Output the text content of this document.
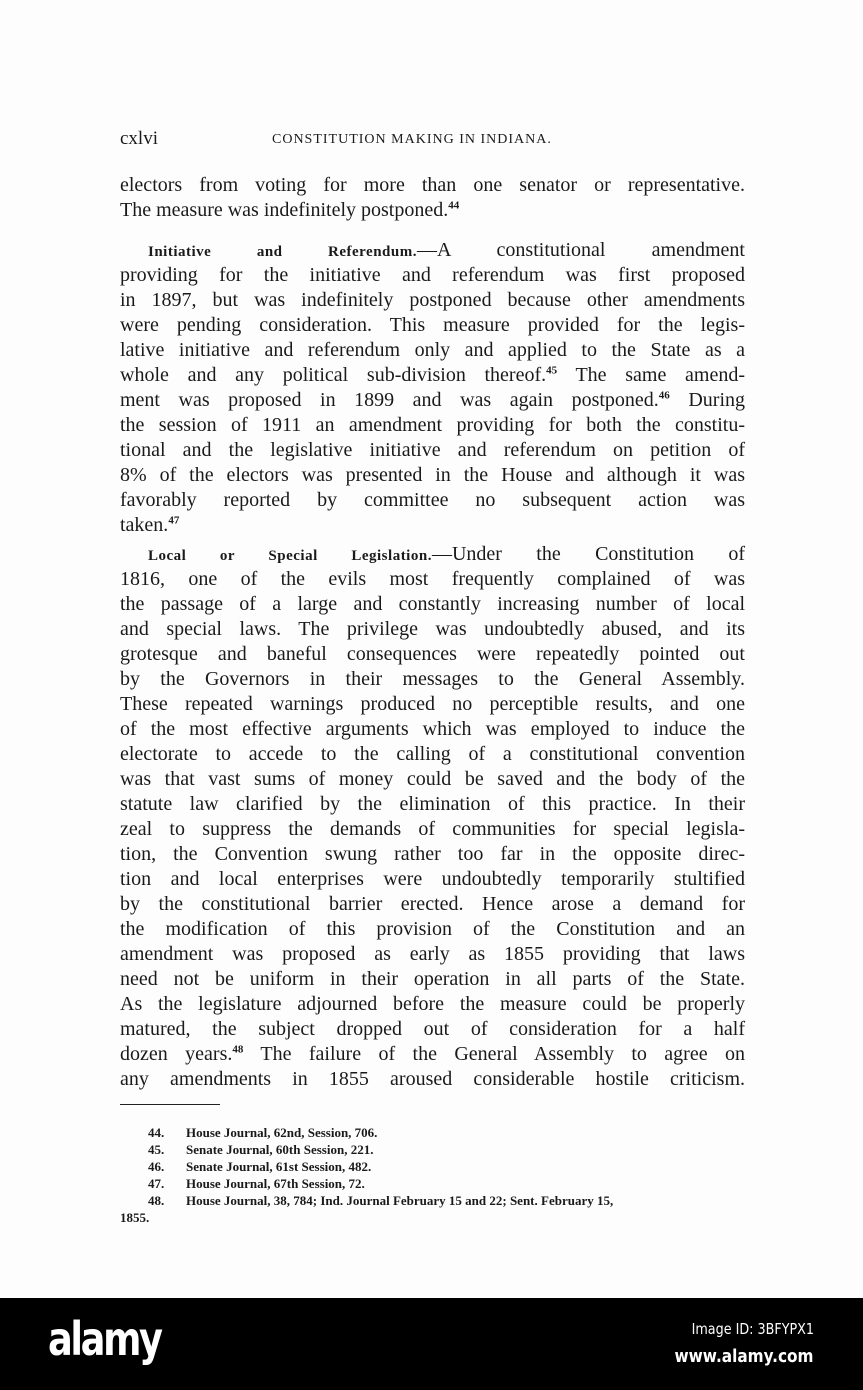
cxlvi	CONSTITUTION MAKING IN INDIANA.
electors from voting for more than one senator or representative.
The measure was indefinitely postponed.$^{44}$
Initiative and Referendum.—A constitutional amendment
providing for the initiative and referendum was first proposed
in 1897, but was indefinitely postponed because other amendments
were pending consideration. This measure provided for the legis-
lative initiative and referendum only and applied to the State as a
whole and any political sub-division thereof.$^{45}$ The same amend-
ment was proposed in 1899 and was again postponed.$^{46}$ During
the session of 1911 an amendment providing for both the constitu-
tional and the legislative initiative and referendum on petition of
8% of the electors was presented in the House and although it was
favorably reported by committee no subsequent action was
taken.$^{47}$
Local or Special Legislation.—Under the Constitution of
1816, one of the evils most frequently complained of was
the passage of a large and constantly increasing number of local
and special laws. The privilege was undoubtedly abused, and its
grotesque and baneful consequences were repeatedly pointed out
by the Governors in their messages to the General Assembly.
These repeated warnings produced no perceptible results, and one
of the most effective arguments which was employed to induce the
electorate to accede to the calling of a constitutional convention
was that vast sums of money could be saved and the body of the
statute law clarified by the elimination of this practice. In their
zeal to suppress the demands of communities for special legisla-
tion, the Convention swung rather too far in the opposite direc-
tion and local enterprises were undoubtedly temporarily stultified
by the constitutional barrier erected. Hence arose a demand for
the modification of this provision of the Constitution and an
amendment was proposed as early as 1855 providing that laws
need not be uniform in their operation in all parts of the State.
As the legislature adjourned before the measure could be properly
matured, the subject dropped out of consideration for a half
dozen years.$^{48}$ The failure of the General Assembly to agree on
any amendments in 1855 aroused considerable hostile criticism.
44. House Journal, 62nd, Session, 706.
45. Senate Journal, 60th Session, 221.
46. Senate Journal, 61st Session, 482.
47. House Journal, 67th Session, 72.
48. House Journal, 38, 784; Ind. Journal February 15 and 22; Sent. February 15,
1855.
alamy	Image ID: 3BFYPX1
www.alamy.com
